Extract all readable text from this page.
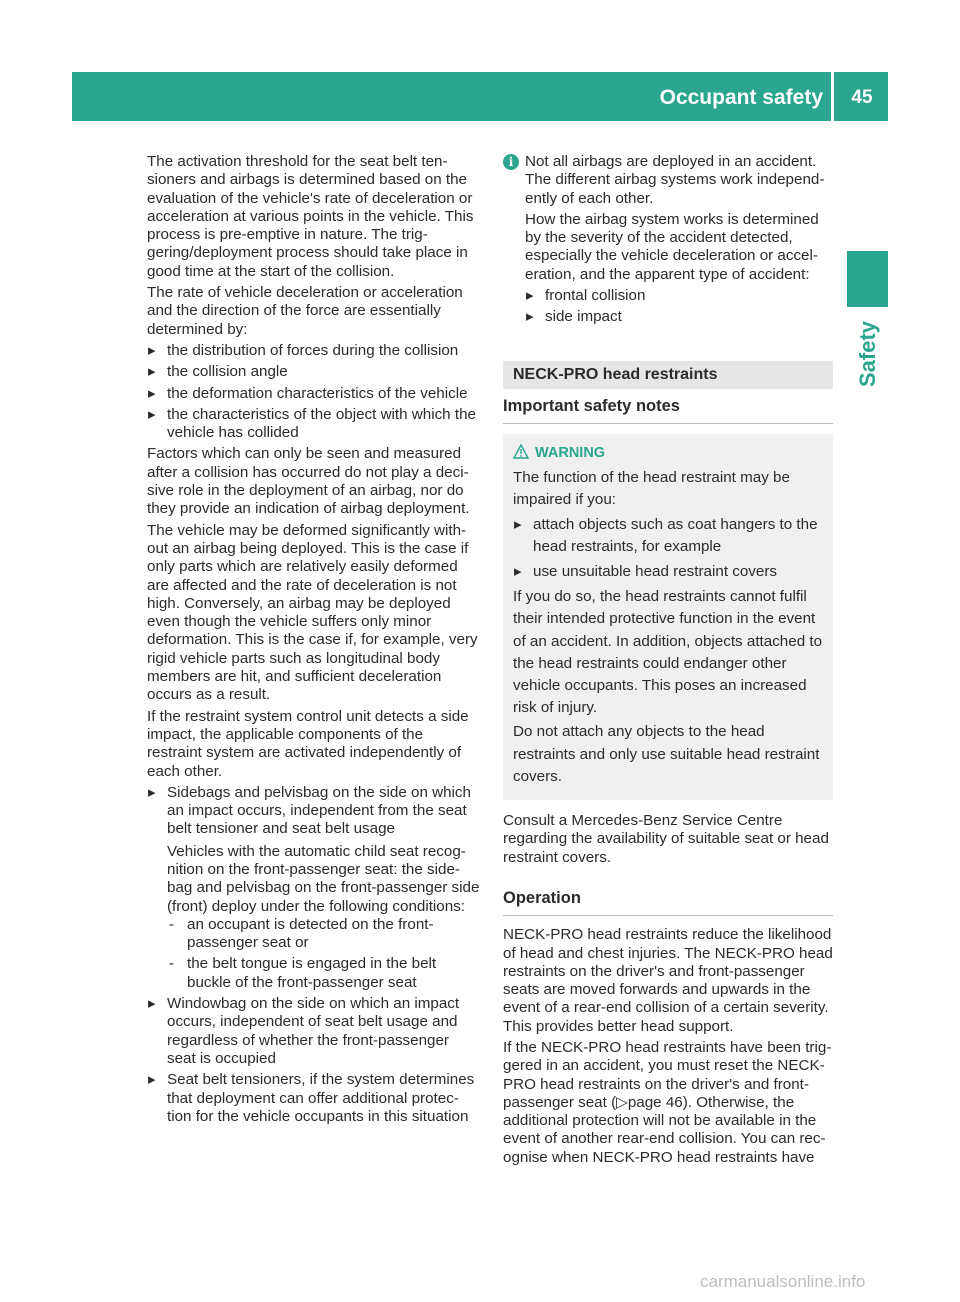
Occupant safety	45
Safety

The activation threshold for the seat belt ten- sioners and airbags is determined based on the evaluation of the vehicle's rate of deceleration or acceleration at various points in the vehicle. This process is pre-emptive in nature. The trig- gering/deployment process should take place in good time at the start of the collision.

The rate of vehicle deceleration or acceleration and the direction of the force are essentially determined by:

▸ the distribution of forces during the collision
▸ the collision angle
▸ the deformation characteristics of the vehicle
▸ the characteristics of the object with which the vehicle has collided

Factors which can only be seen and measured after a collision has occurred do not play a deci- sive role in the deployment of an airbag, nor do they provide an indication of airbag deployment.

The vehicle may be deformed significantly with- out an airbag being deployed. This is the case if only parts which are relatively easily deformed are affected and the rate of deceleration is not high. Conversely, an airbag may be deployed even though the vehicle suffers only minor deformation. This is the case if, for example, very rigid vehicle parts such as longitudinal body members are hit, and sufficient deceleration occurs as a result.

If the restraint system control unit detects a side impact, the applicable components of the restraint system are activated independently of each other.

▸ Sidebags and pelvisbag on the side on which an impact occurs, independent from the seat belt tensioner and seat belt usage
Vehicles with the automatic child seat recog- nition on the front-passenger seat: the side- bag and pelvisbag on the front-passenger side (front) deploy under the following conditions:
- an occupant is detected on the front- passenger seat or
- the belt tongue is engaged in the belt buckle of the front-passenger seat
▸ Windowbag on the side on which an impact occurs, independent of seat belt usage and regardless of whether the front-passenger seat is occupied
▸ Seat belt tensioners, if the system determines that deployment can offer additional protec- tion for the vehicle occupants in this situation
i Not all airbags are deployed in an accident. The different airbag systems work independ- ently of each other.

How the airbag system works is determined by the severity of the accident detected, especially the vehicle deceleration or accel- eration, and the apparent type of accident:

▸ frontal collision
▸ side impact
NECK-PRO head restraints
Important safety notes
WARNING

The function of the head restraint may be impaired if you:

▸ attach objects such as coat hangers to the head restraints, for example
▸ use unsuitable head restraint covers

If you do so, the head restraints cannot fulfil their intended protective function in the event of an accident. In addition, objects attached to the head restraints could endanger other vehicle occupants. This poses an increased risk of injury.

Do not attach any objects to the head restraints and only use suitable head restraint covers.

Consult a Mercedes-Benz Service Centre regarding the availability of suitable seat or head restraint covers.

Operation

NECK-PRO head restraints reduce the likelihood of head and chest injuries. The NECK-PRO head restraints on the driver's and front-passenger seats are moved forwards and upwards in the event of a rear-end collision of a certain severity. This provides better head support.

If the NECK-PRO head restraints have been trig- gered in an accident, you must reset the NECK- PRO head restraints on the driver's and front- passenger seat (▷page 46). Otherwise, the additional protection will not be available in the event of another rear-end collision. You can rec- ognise when NECK-PRO head restraints have

carmanualsonline.info
